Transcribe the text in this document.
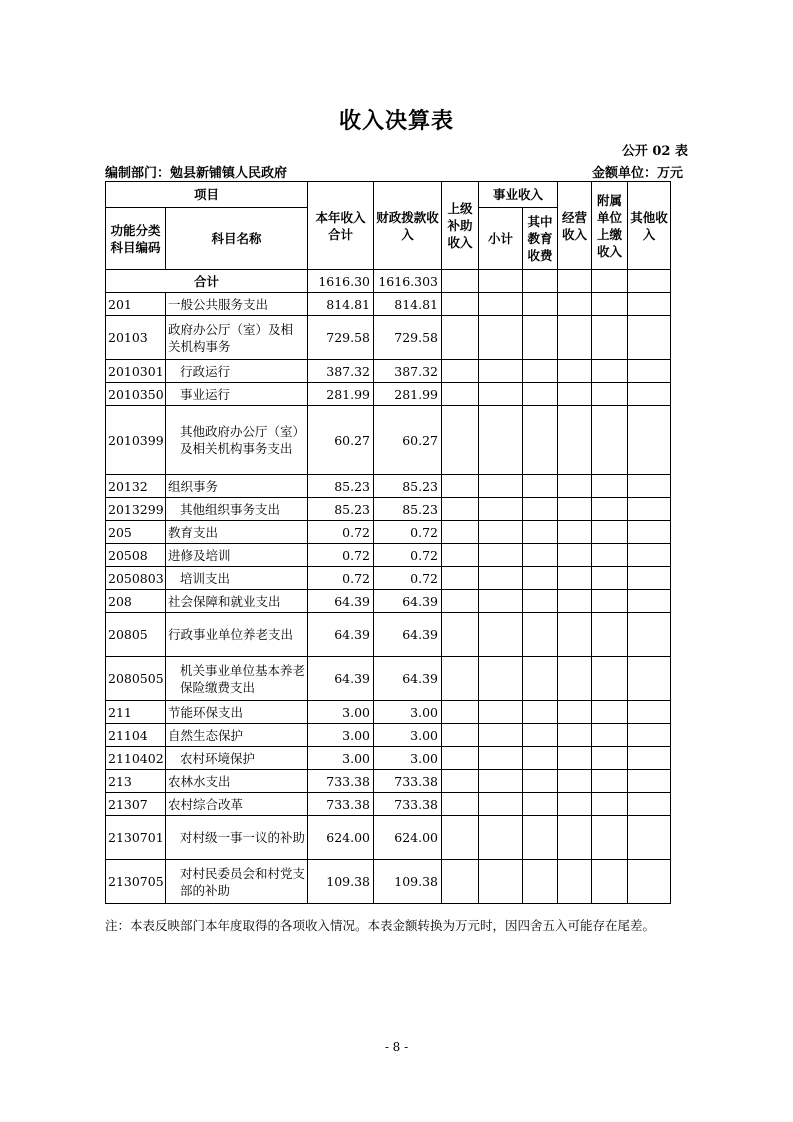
收入决算表
公开 02 表
编制部门：勉县新铺镇人民政府	金额单位：万元
项目		本年收入合计	财政拨款收入	上级补助收入	事业收入		经营收入	附属单位上缴收入	其他收入
功能分类科目编码	科目名称				小计	其中教育收费			
合计		1616.30	1616.303						
201	一般公共服务支出	814.81	814.81						
20103	政府办公厅（室）及相关机构事务	729.58	729.58						
2010301	行政运行	387.32	387.32						
2010350	事业运行	281.99	281.99						
2010399	其他政府办公厅（室）及相关机构事务支出	60.27	60.27						
20132	组织事务	85.23	85.23						
2013299	其他组织事务支出	85.23	85.23						
205	教育支出	0.72	0.72						
20508	进修及培训	0.72	0.72						
2050803	培训支出	0.72	0.72						
208	社会保障和就业支出	64.39	64.39						
20805	行政事业单位养老支出	64.39	64.39						
2080505	机关事业单位基本养老保险缴费支出	64.39	64.39						
211	节能环保支出	3.00	3.00						
21104	自然生态保护	3.00	3.00						
2110402	农村环境保护	3.00	3.00						
213	农林水支出	733.38	733.38						
21307	农村综合改革	733.38	733.38						
2130701	对村级一事一议的补助	624.00	624.00						
2130705	对村民委员会和村党支部的补助	109.38	109.38						
注：本表反映部门本年度取得的各项收入情况。本表金额转换为万元时，因四舍五入可能存在尾差。
- 8 -
